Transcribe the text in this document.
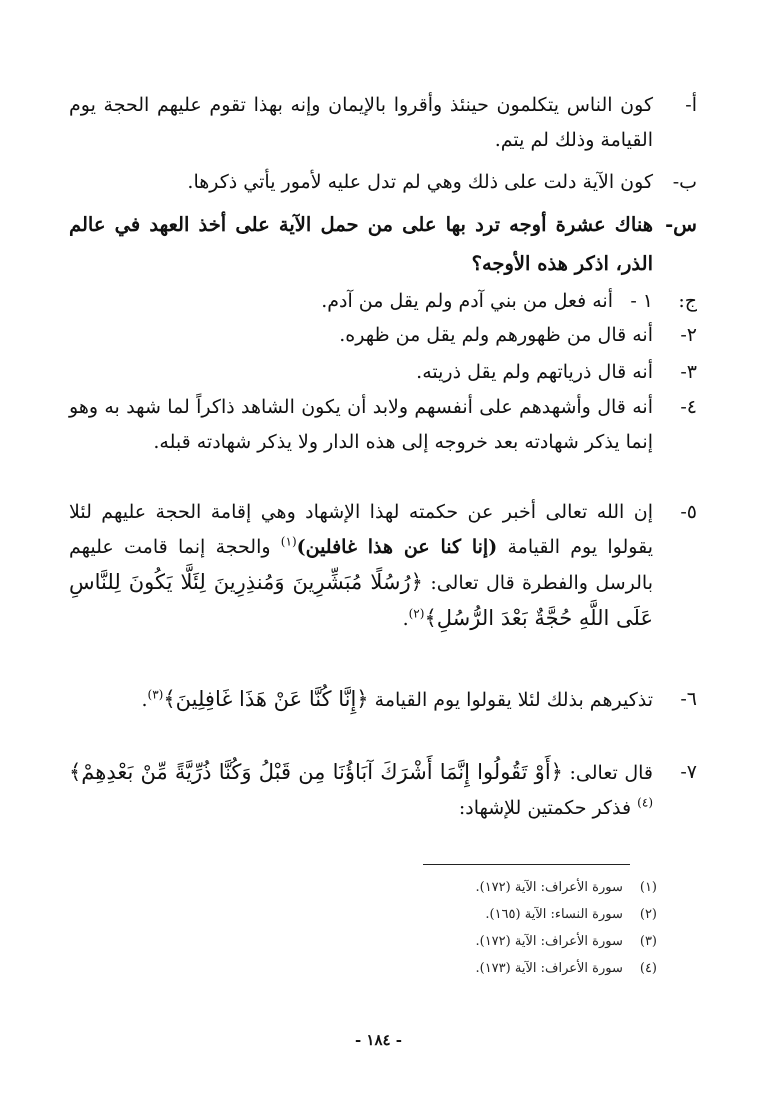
أ-
كون الناس يتكلمون حينئذ وأقروا بالإيمان وإنه بهذا تقوم عليهم الحجة يوم القيامة وذلك لم يتم.
ب-
كون الآية دلت على ذلك وهي لم تدل عليه لأمور يأتي ذكرها.
س-
هناك عشرة أوجه ترد بها على من حمل الآية على أخذ العهد في عالم الذر، اذكر هذه الأوجه؟
ج:
١ -
أنه فعل من بني آدم ولم يقل من آدم.
٢-
أنه قال من ظهورهم ولم يقل من ظهره.
٣-
أنه قال ذرياتهم ولم يقل ذريته.
٤-
أنه قال وأشهدهم على أنفسهم ولابد أن يكون الشاهد ذاكراً لما شهد به وهو إنما يذكر شهادته بعد خروجه إلى هذه الدار ولا يذكر شهادته قبله.
٥-
إن الله تعالى أخبر عن حكمته لهذا الإشهاد وهي إقامة الحجة عليهم لئلا يقولوا يوم القيامة (إنا كنا عن هذا غافلين)$^{(١)}$ والحجة إنما قامت عليهم بالرسل والفطرة قال تعالى: ﴿رُسُلًا مُبَشِّرِينَ وَمُنذِرِينَ لِئَلَّا يَكُونَ لِلنَّاسِ عَلَى اللَّهِ حُجَّةٌ بَعْدَ الرُّسُلِ﴾$^{(٢)}$.
٦-
تذكيرهم بذلك لئلا يقولوا يوم القيامة ﴿إِنَّا كُنَّا عَنْ هَذَا غَافِلِينَ﴾$^{(٣)}$.
٧-
قال تعالى: ﴿أَوْ تَقُولُوا إِنَّمَا أَشْرَكَ آبَاؤُنَا مِن قَبْلُ وَكُنَّا ذُرِّيَّةً مِّنْ بَعْدِهِمْ﴾$^{(٤)}$ فذكر حكمتين للإشهاد:
(١) سورة الأعراف: الآية (١٧٢).
(٢) سورة النساء: الآية (١٦٥).
(٣) سورة الأعراف: الآية (١٧٢).
(٤) سورة الأعراف: الآية (١٧٣).
- ١٨٤ -
